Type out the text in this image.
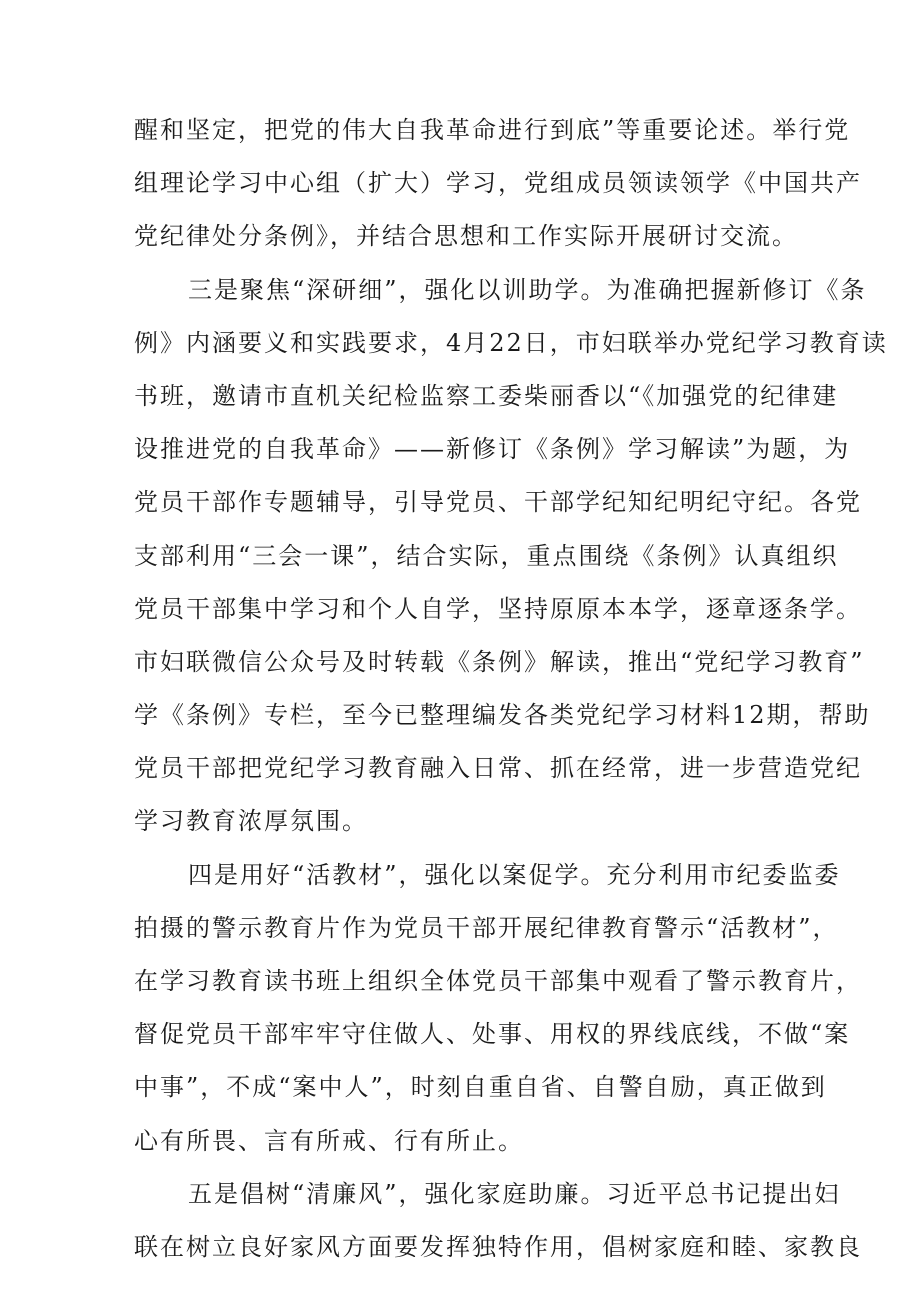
醒和坚定，把党的伟大自我革命进行到底”等重要论述。举行党
组理论学习中心组（扩大）学习，党组成员领读领学《中国共产
党纪律处分条例》，并结合思想和工作实际开展研讨交流。
三是聚焦“深研细”，强化以训助学。为准确把握新修订《条
例》内涵要义和实践要求，4月22日，市妇联举办党纪学习教育读
书班，邀请市直机关纪检监察工委柴丽香以“《加强党的纪律建
设推进党的自我革命》——新修订《条例》学习解读”为题，为
党员干部作专题辅导，引导党员、干部学纪知纪明纪守纪。各党
支部利用“三会一课”，结合实际，重点围绕《条例》认真组织
党员干部集中学习和个人自学，坚持原原本本学，逐章逐条学。
市妇联微信公众号及时转载《条例》解读，推出“党纪学习教育”
学《条例》专栏，至今已整理编发各类党纪学习材料12期，帮助
党员干部把党纪学习教育融入日常、抓在经常，进一步营造党纪
学习教育浓厚氛围。
四是用好“活教材”，强化以案促学。充分利用市纪委监委
拍摄的警示教育片作为党员干部开展纪律教育警示“活教材”，
在学习教育读书班上组织全体党员干部集中观看了警示教育片，
督促党员干部牢牢守住做人、处事、用权的界线底线，不做“案
中事”，不成“案中人”，时刻自重自省、自警自励，真正做到
心有所畏、言有所戒、行有所止。
五是倡树“清廉风”，强化家庭助廉。习近平总书记提出妇
联在树立良好家风方面要发挥独特作用，倡树家庭和睦、家教良
